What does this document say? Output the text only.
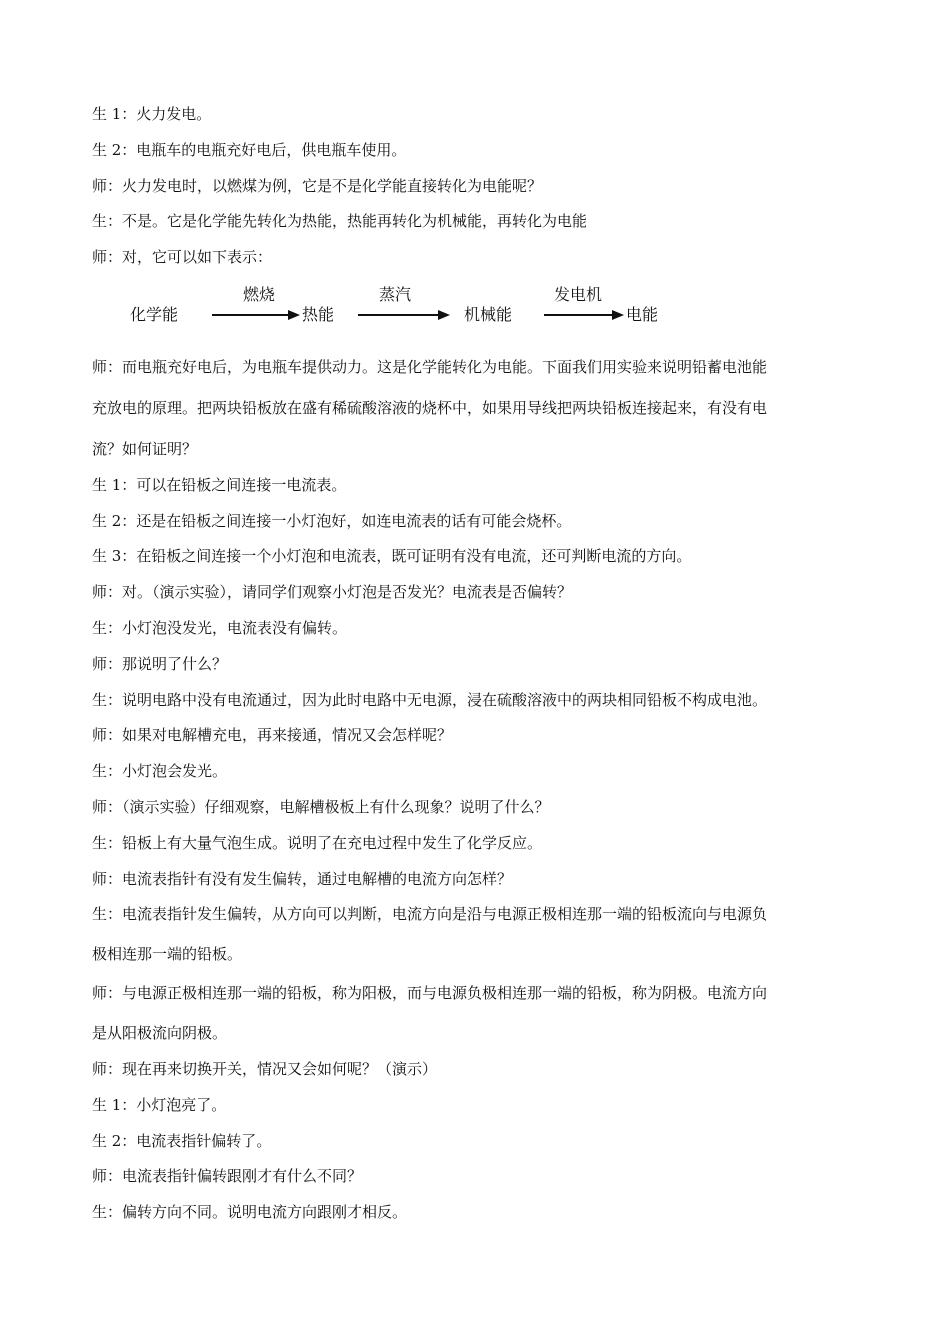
生 1：火力发电。
生 2：电瓶车的电瓶充好电后，供电瓶车使用。
师：火力发电时，以燃煤为例，它是不是化学能直接转化为电能呢？
生：不是。它是化学能先转化为热能，热能再转化为机械能，再转化为电能
师：对，它可以如下表示：
化学能
燃烧
热能
蒸汽
机械能
发电机
电能
师：而电瓶充好电后，为电瓶车提供动力。这是化学能转化为电能。下面我们用实验来说明铅蓄电池能
充放电的原理。把两块铅板放在盛有稀硫酸溶液的烧杯中，如果用导线把两块铅板连接起来，有没有电
流？如何证明？
生 1：可以在铅板之间连接一电流表。
生 2：还是在铅板之间连接一小灯泡好，如连电流表的话有可能会烧杯。
生 3：在铅板之间连接一个小灯泡和电流表，既可证明有没有电流，还可判断电流的方向。
师：对。（演示实验），请同学们观察小灯泡是否发光？电流表是否偏转？
生：小灯泡没发光，电流表没有偏转。
师：那说明了什么？
生：说明电路中没有电流通过，因为此时电路中无电源，浸在硫酸溶液中的两块相同铅板不构成电池。
师：如果对电解槽充电，再来接通，情况又会怎样呢？
生：小灯泡会发光。
师：（演示实验）仔细观察，电解槽极板上有什么现象？说明了什么？
生：铅板上有大量气泡生成。说明了在充电过程中发生了化学反应。
师：电流表指针有没有发生偏转，通过电解槽的电流方向怎样？
生：电流表指针发生偏转，从方向可以判断，电流方向是沿与电源正极相连那一端的铅板流向与电源负
极相连那一端的铅板。
师：与电源正极相连那一端的铅板，称为阳极，而与电源负极相连那一端的铅板，称为阴极。电流方向
是从阳极流向阴极。
师：现在再来切换开关，情况又会如何呢？（演示）
生 1：小灯泡亮了。
生 2：电流表指针偏转了。
师：电流表指针偏转跟刚才有什么不同？
生：偏转方向不同。说明电流方向跟刚才相反。
